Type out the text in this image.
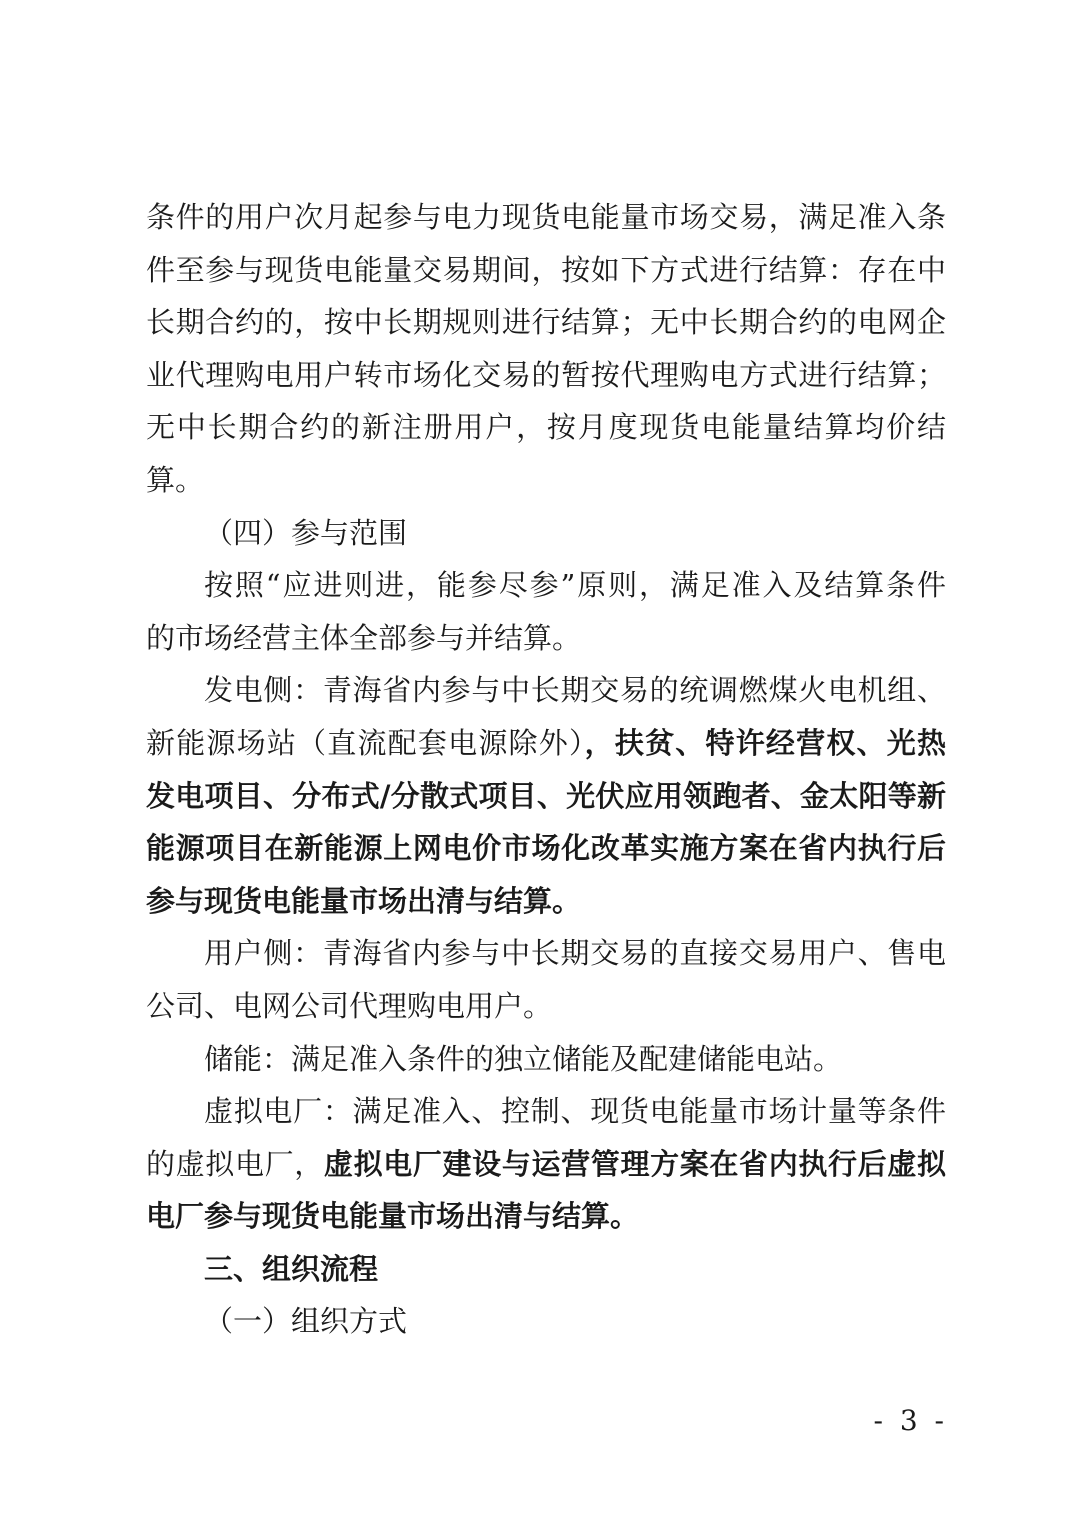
条件的用户次月起参与电力现货电能量市场交易，满足准入条
件至参与现货电能量交易期间，按如下方式进行结算：存在中
长期合约的，按中长期规则进行结算；无中长期合约的电网企
业代理购电用户转市场化交易的暂按代理购电方式进行结算；
无中长期合约的新注册用户，按月度现货电能量结算均价结
算。
（四）参与范围
按照“应进则进，能参尽参”原则，满足准入及结算条件
的市场经营主体全部参与并结算。
发电侧：青海省内参与中长期交易的统调燃煤火电机组、
新能源场站（直流配套电源除外），扶贫、特许经营权、光热
发电项目、分布式/分散式项目、光伏应用领跑者、金太阳等新
能源项目在新能源上网电价市场化改革实施方案在省内执行后
参与现货电能量市场出清与结算。
用户侧：青海省内参与中长期交易的直接交易用户、售电
公司、电网公司代理购电用户。
储能：满足准入条件的独立储能及配建储能电站。
虚拟电厂：满足准入、控制、现货电能量市场计量等条件
的虚拟电厂，虚拟电厂建设与运营管理方案在省内执行后虚拟
电厂参与现货电能量市场出清与结算。
三、组织流程
（一）组织方式
- 3 -
